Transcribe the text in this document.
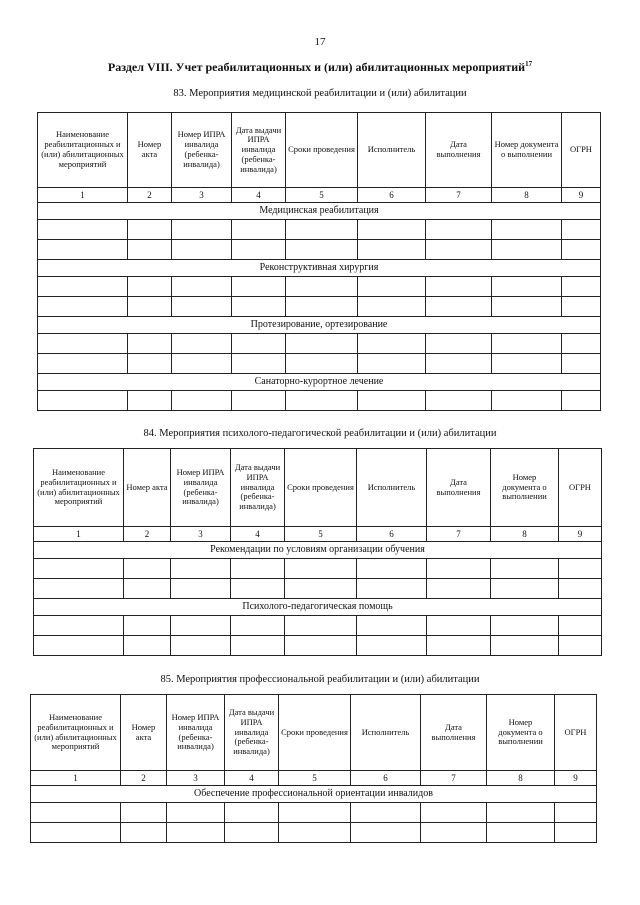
17
Раздел VIII. Учет реабилитационных и (или) абилитационных мероприятий$^{17}$
83. Мероприятия медицинской реабилитации и (или) абилитации
Наименование реабилитационных и (или) абилитационных мероприятий	Номер акта	Номер ИПРА инвалида (ребенка-инвалида)	Дата выдачи ИПРА инвалида (ребенка-инвалида)	Сроки проведения	Исполнитель	Дата выполнения	Номер документа о выполнении	ОГРН
1	2	3	4	5	6	7	8	9
Медицинская реабилитация								

Реконструктивная хирургия								

Протезирование, ортезирование								

Санаторно-курортное лечение								

84. Мероприятия психолого-педагогической реабилитации и (или) абилитации
Наименование реабилитационных и (или) абилитационных мероприятий	Номер акта	Номер ИПРА инвалида (ребенка-инвалида)	Дата выдачи ИПРА инвалида (ребенка-инвалида)	Сроки проведения	Исполнитель	Дата выполнения	Номер документа о выполнении	ОГРН
1	2	3	4	5	6	7	8	9
Рекомендации по условиям организации обучения								

Психолого-педагогическая помощь								

85. Мероприятия профессиональной реабилитации и (или) абилитации
Наименование реабилитационных и (или) абилитационных мероприятий	Номер акта	Номер ИПРА инвалида (ребенка-инвалида)	Дата выдачи ИПРА инвалида (ребенка-инвалида)	Сроки проведения	Исполнитель	Дата выполнения	Номер документа о выполнении	ОГРН
1	2	3	4	5	6	7	8	9
Обеспечение профессиональной ориентации инвалидов								
